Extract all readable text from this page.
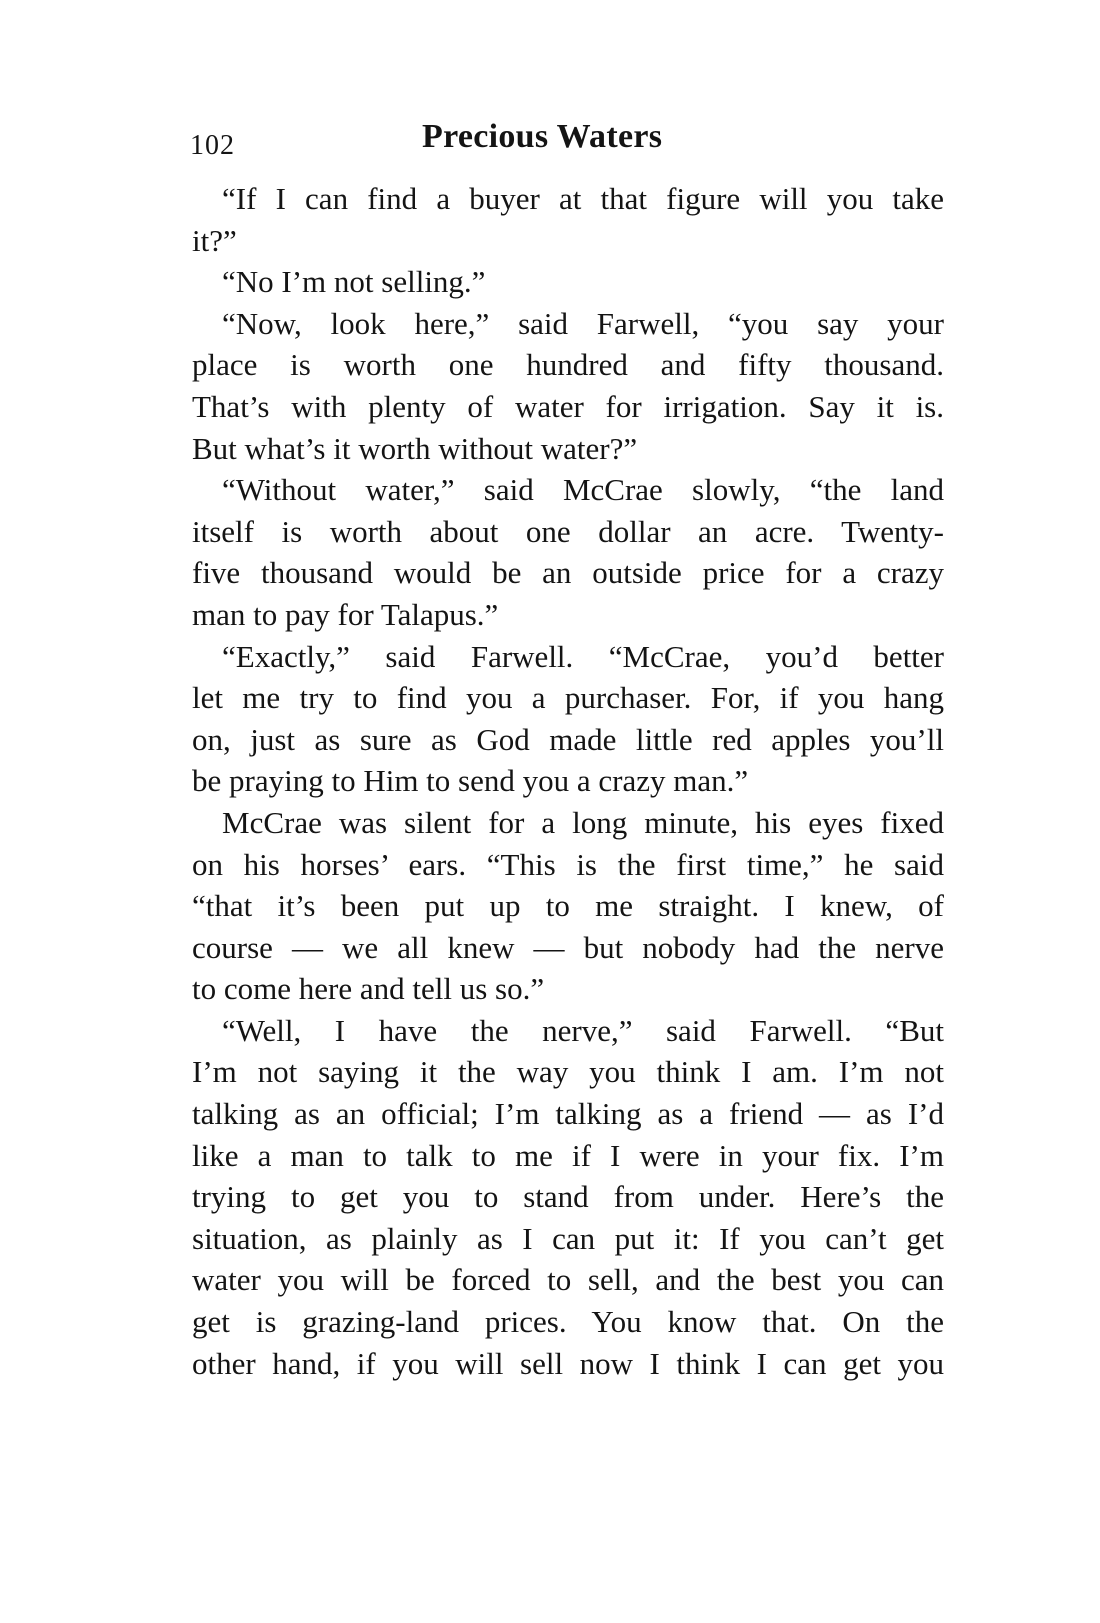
102	Precious Waters
“If I can find a buyer at that figure will you take
it?”
“No I’m not selling.”
“Now, look here,” said Farwell, “you say your
place is worth one hundred and fifty thousand.
That’s with plenty of water for irrigation. Say it is.
But what’s it worth without water?”
“Without water,” said McCrae slowly, “the land
itself is worth about one dollar an acre. Twenty-
five thousand would be an outside price for a crazy
man to pay for Talapus.”
“Exactly,” said Farwell. “McCrae, you’d better
let me try to find you a purchaser. For, if you hang
on, just as sure as God made little red apples you’ll
be praying to Him to send you a crazy man.”
McCrae was silent for a long minute, his eyes fixed
on his horses’ ears. “This is the first time,” he said
“that it’s been put up to me straight. I knew, of
course — we all knew — but nobody had the nerve
to come here and tell us so.”
“Well, I have the nerve,” said Farwell. “But
I’m not saying it the way you think I am. I’m not
talking as an official; I’m talking as a friend — as I’d
like a man to talk to me if I were in your fix. I’m
trying to get you to stand from under. Here’s the
situation, as plainly as I can put it: If you can’t get
water you will be forced to sell, and the best you can
get is grazing-land prices. You know that. On the
other hand, if you will sell now I think I can get you
